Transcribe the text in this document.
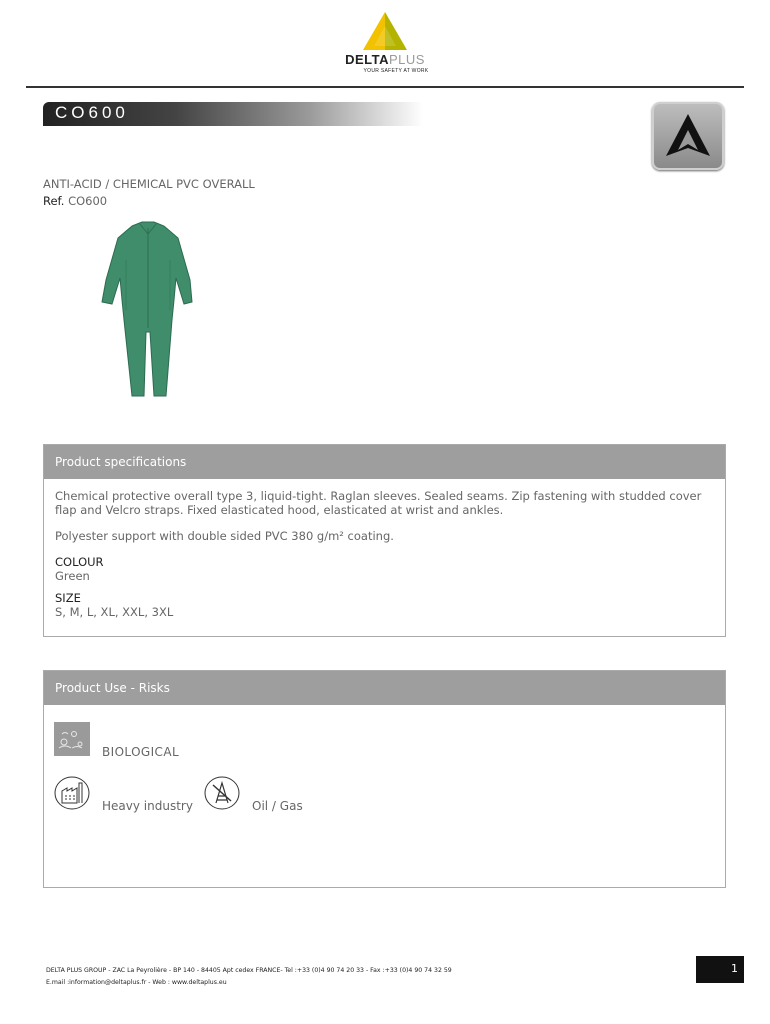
DELTAPLUS
YOUR SAFETY AT WORK
CO600
ANTI-ACID / CHEMICAL PVC OVERALL
Ref. CO600
Product specifications

Chemical protective overall type 3, liquid-tight. Raglan sleeves. Sealed seams. Zip fastening with studded cover flap and Velcro straps. Fixed elasticated hood, elasticated at wrist and ankles.

Polyester support with double sided PVC 380 g/m² coating.

COLOUR
Green
SIZE
S, M, L, XL, XXL, 3XL
Product Use - Risks
BIOLOGICAL
Heavy industry	Oil / Gas
DELTA PLUS GROUP - ZAC La Peyrolière - BP 140 - 84405 Apt cedex FRANCE- Tel :+33 (0)4 90 74 20 33 - Fax :+33 (0)4 90 74 32 59
E.mail :information@deltaplus.fr - Web : www.deltaplus.eu
1
